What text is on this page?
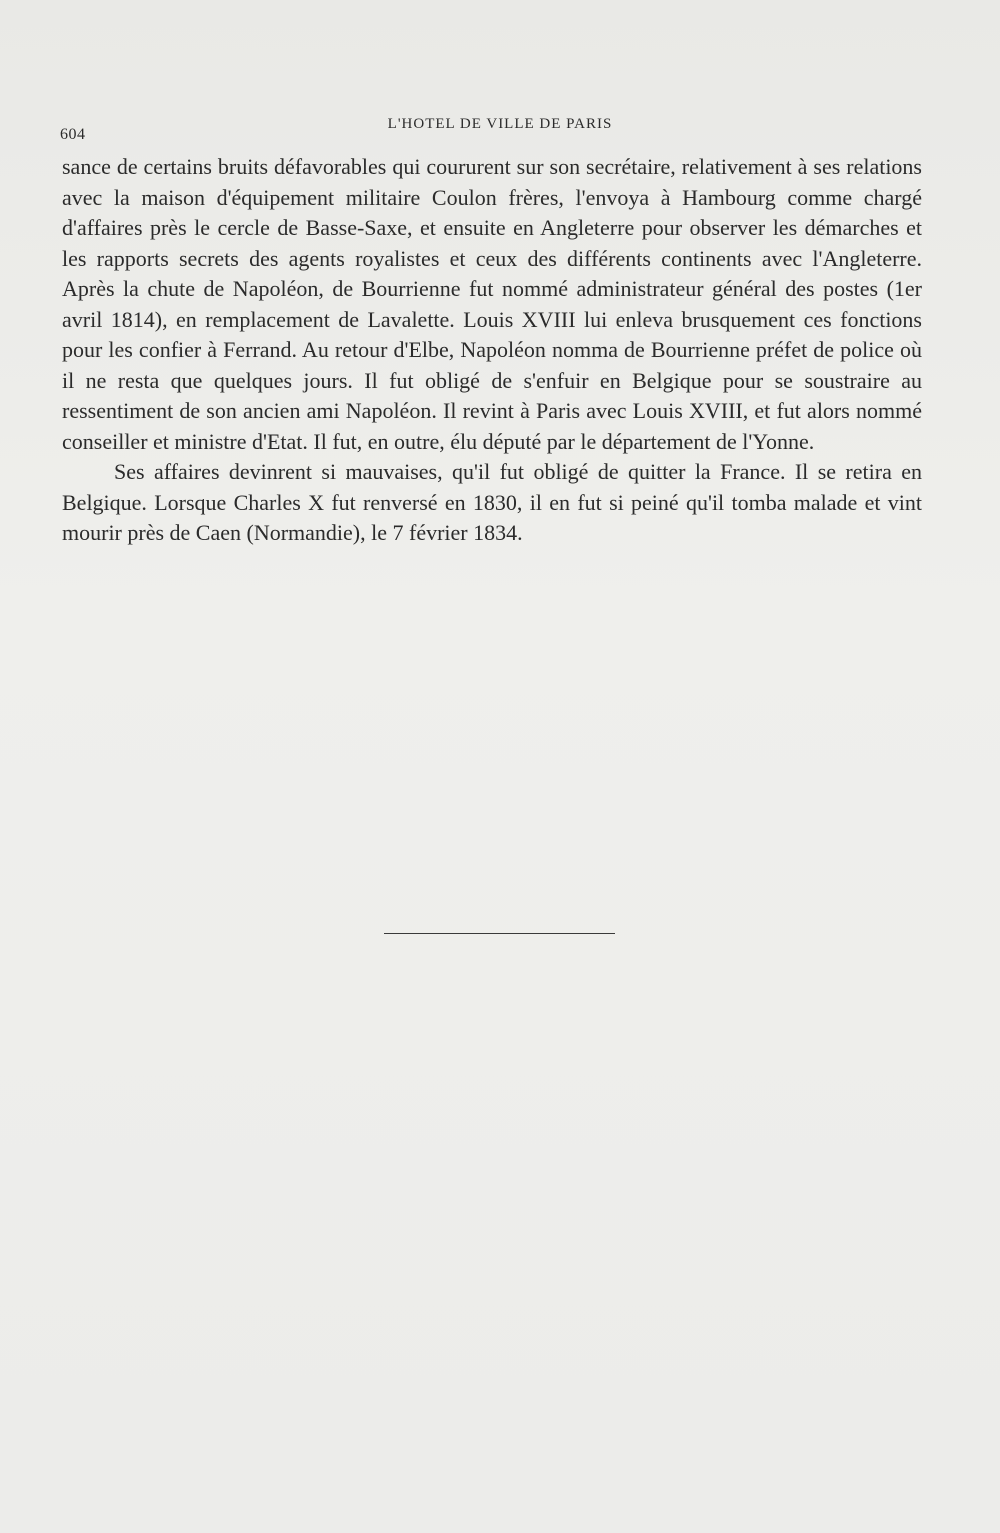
604
L'HOTEL DE VILLE DE PARIS

sance de certains bruits défavorables qui coururent sur son secrétaire, relativement à ses relations avec la maison d'équipement militaire Coulon frères, l'envoya à Hambourg comme chargé d'affaires près le cercle de Basse-Saxe, et ensuite en Angleterre pour observer les démarches et les rapports secrets des agents royalistes et ceux des différents continents avec l'Angleterre. Après la chute de Napoléon, de Bourrienne fut nommé administrateur général des postes (1er avril 1814), en remplacement de Lavalette. Louis XVIII lui enleva brusquement ces fonctions pour les confier à Ferrand. Au retour d'Elbe, Napoléon nomma de Bourrienne préfet de police où il ne resta que quelques jours. Il fut obligé de s'enfuir en Belgique pour se soustraire au ressentiment de son ancien ami Napoléon. Il revint à Paris avec Louis XVIII, et fut alors nommé conseiller et ministre d'Etat. Il fut, en outre, élu député par le département de l'Yonne.

Ses affaires devinrent si mauvaises, qu'il fut obligé de quitter la France. Il se retira en Belgique. Lorsque Charles X fut renversé en 1830, il en fut si peiné qu'il tomba malade et vint mourir près de Caen (Normandie), le 7 février 1834.
